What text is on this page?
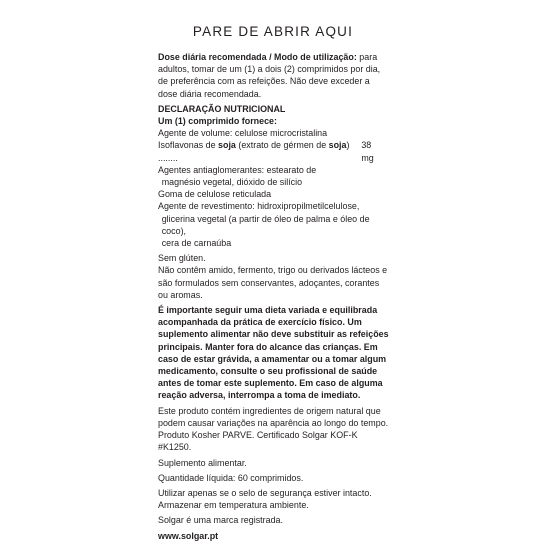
PARE DE ABRIR AQUI

Dose diária recomendada / Modo de utilização: para adultos, tomar de um (1) a dois (2) comprimidos por dia, de preferência com as refeições. Não deve exceder a dose diária recomendada.

DECLARAÇÃO NUTRICIONAL

Um (1) comprimido fornece:

Agente de volume: celulose microcristalina

Isoflavonas de soja (extrato de gérmen de soja) ........
38 mg

Agentes antiaglomerantes: estearato de

magnésio vegetal, dióxido de silício

Goma de celulose reticulada

Agente de revestimento: hidroxipropilmetilcelulose,

glicerina vegetal (a partir de óleo de palma e óleo de coco),

cera de carnaúba

Sem glúten.

Não contêm amido, fermento, trigo ou derivados lácteos e são formulados sem conservantes, adoçantes, corantes ou aromas.

É importante seguir uma dieta variada e equilibrada acompanhada da prática de exercício físico. Um suplemento alimentar não deve substituir as refeições principais. Manter fora do alcance das crianças. Em caso de estar grávida, a amamentar ou a tomar algum medicamento, consulte o seu profissional de saúde antes de tomar este suplemento. Em caso de alguma reação adversa, interrompa a toma de imediato.

Este produto contém ingredientes de origem natural que podem causar variações na aparência ao longo do tempo.

Produto Kosher PARVE. Certificado Solgar KOF-K #K1250.

Suplemento alimentar.

Quantidade líquida: 60 comprimidos.

Utilizar apenas se o selo de segurança estiver intacto.

Armazenar em temperatura ambiente.

Solgar é uma marca registrada.

www.solgar.pt
